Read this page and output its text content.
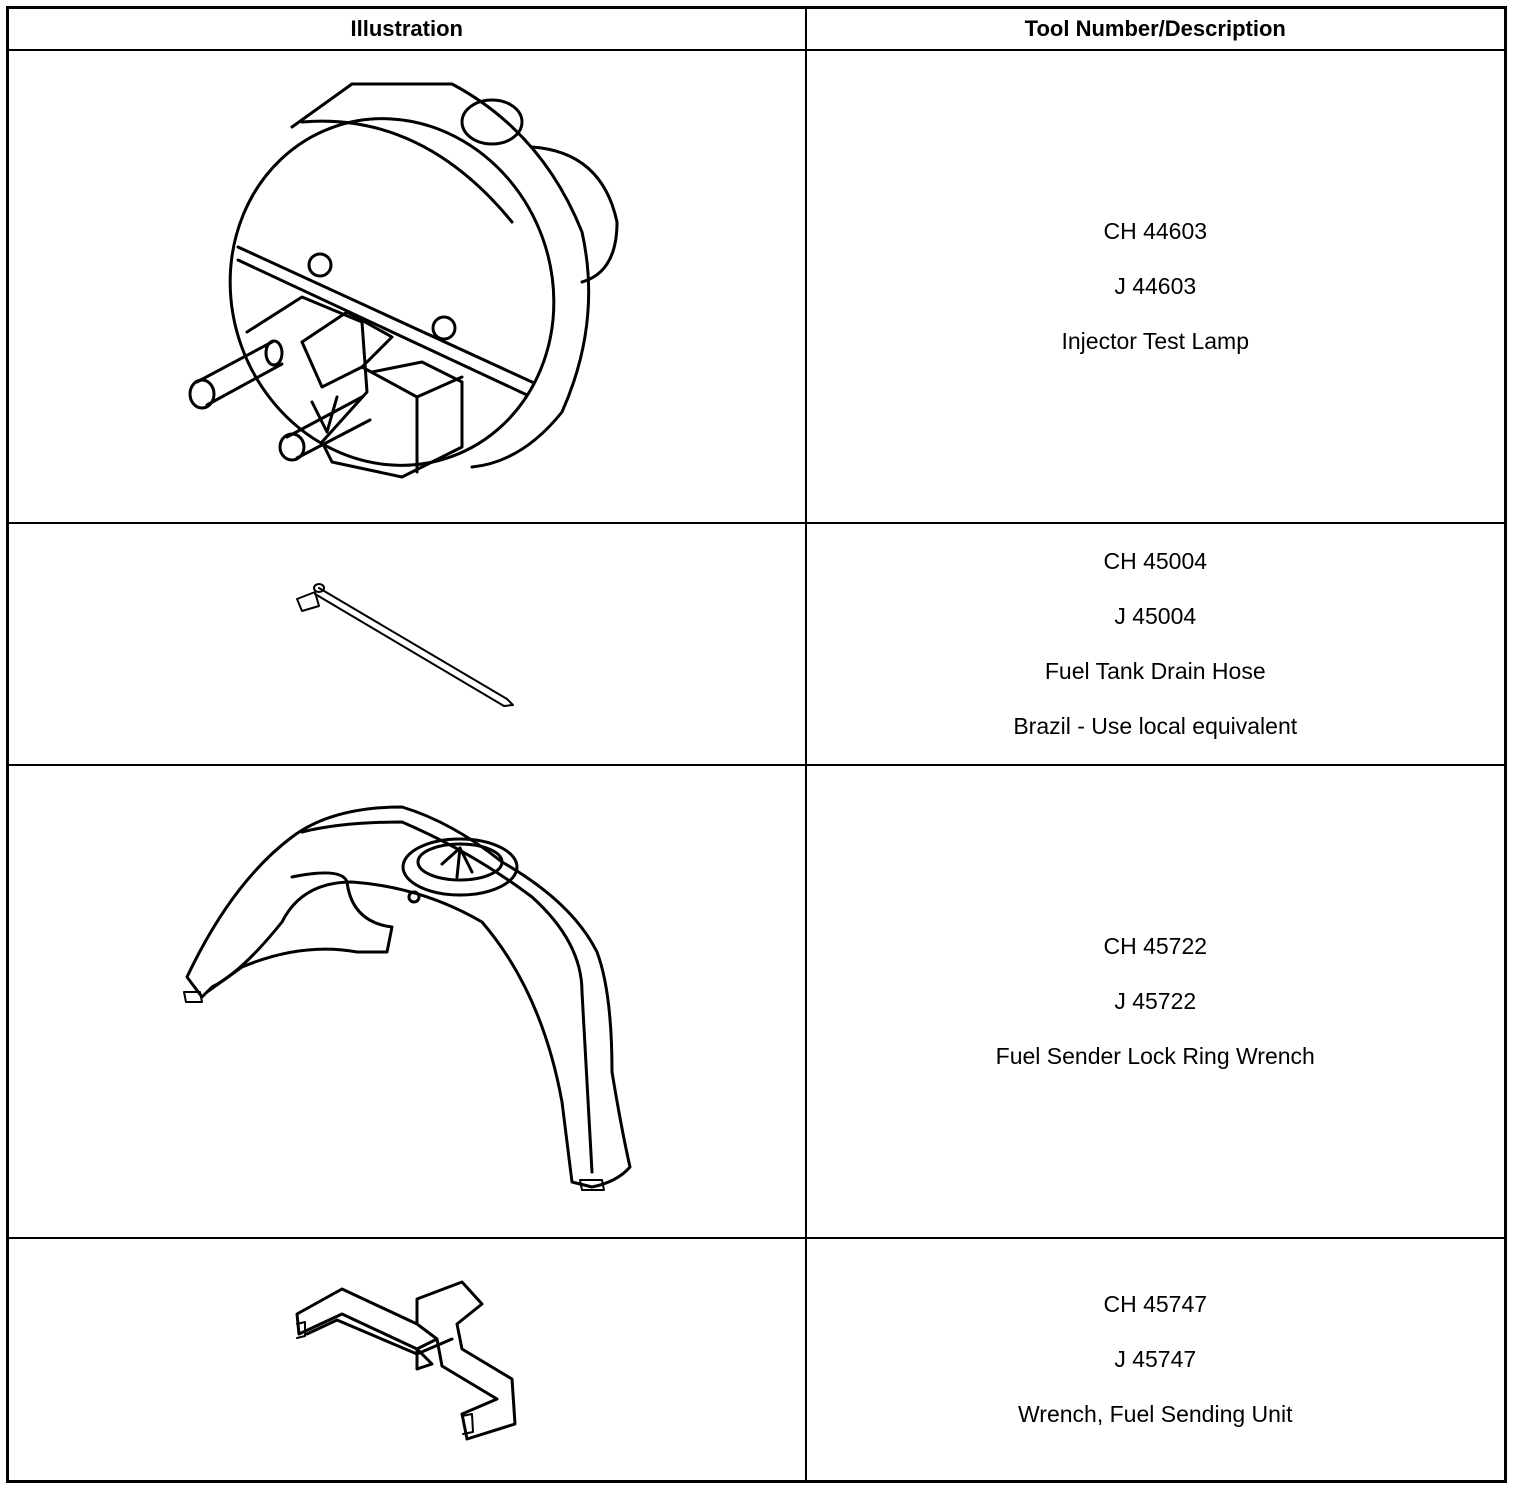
Illustration	Tool Number/Description

CH 44603
J 44603
Injector Test Lamp

CH 45004
J 45004
Fuel Tank Drain Hose
Brazil - Use local equivalent

CH 45722
J 45722
Fuel Sender Lock Ring Wrench

CH 45747
J 45747
Wrench, Fuel Sending Unit
